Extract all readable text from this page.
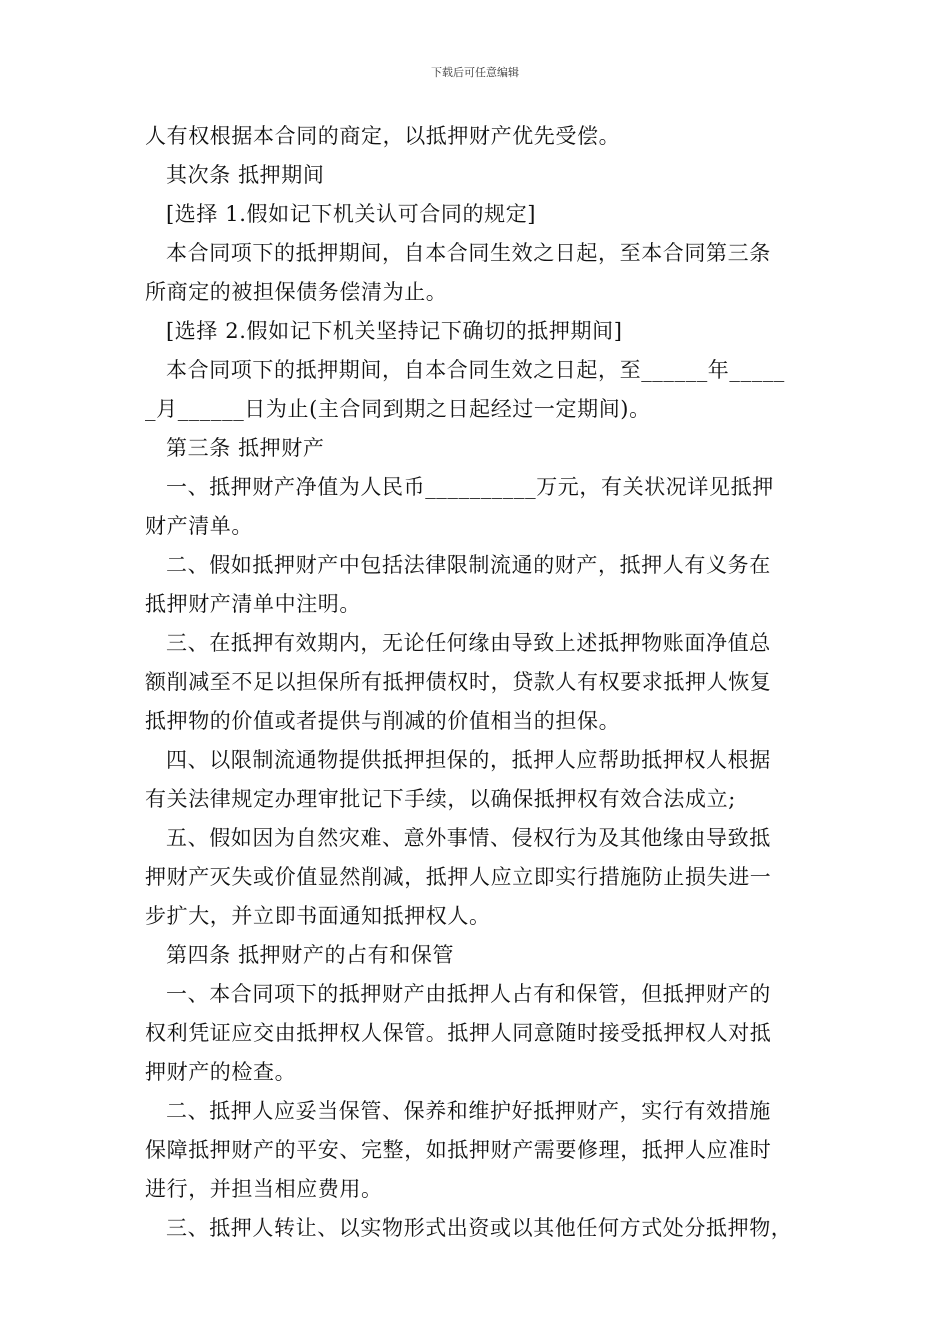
下载后可任意编辑
人有权根据本合同的商定，以抵押财产优先受偿。
其次条 抵押期间
[选择 1.假如记下机关认可合同的规定]
本合同项下的抵押期间，自本合同生效之日起，至本合同第三条
所商定的被担保债务偿清为止。
[选择 2.假如记下机关坚持记下确切的抵押期间]
本合同项下的抵押期间，自本合同生效之日起，至______年_____
_月______日为止(主合同到期之日起经过一定期间)。
第三条 抵押财产
一、抵押财产净值为人民币__________万元，有关状况详见抵押
财产清单。
二、假如抵押财产中包括法律限制流通的财产，抵押人有义务在
抵押财产清单中注明。
三、在抵押有效期内，无论任何缘由导致上述抵押物账面净值总
额削减至不足以担保所有抵押债权时，贷款人有权要求抵押人恢复
抵押物的价值或者提供与削减的价值相当的担保。
四、以限制流通物提供抵押担保的，抵押人应帮助抵押权人根据
有关法律规定办理审批记下手续，以确保抵押权有效合法成立;
五、假如因为自然灾难、意外事情、侵权行为及其他缘由导致抵
押财产灭失或价值显然削减，抵押人应立即实行措施防止损失进一
步扩大，并立即书面通知抵押权人。
第四条 抵押财产的占有和保管
一、本合同项下的抵押财产由抵押人占有和保管，但抵押财产的
权利凭证应交由抵押权人保管。抵押人同意随时接受抵押权人对抵
押财产的检查。
二、抵押人应妥当保管、保养和维护好抵押财产，实行有效措施
保障抵押财产的平安、完整，如抵押财产需要修理，抵押人应准时
进行，并担当相应费用。
三、抵押人转让、以实物形式出资或以其他任何方式处分抵押物，
